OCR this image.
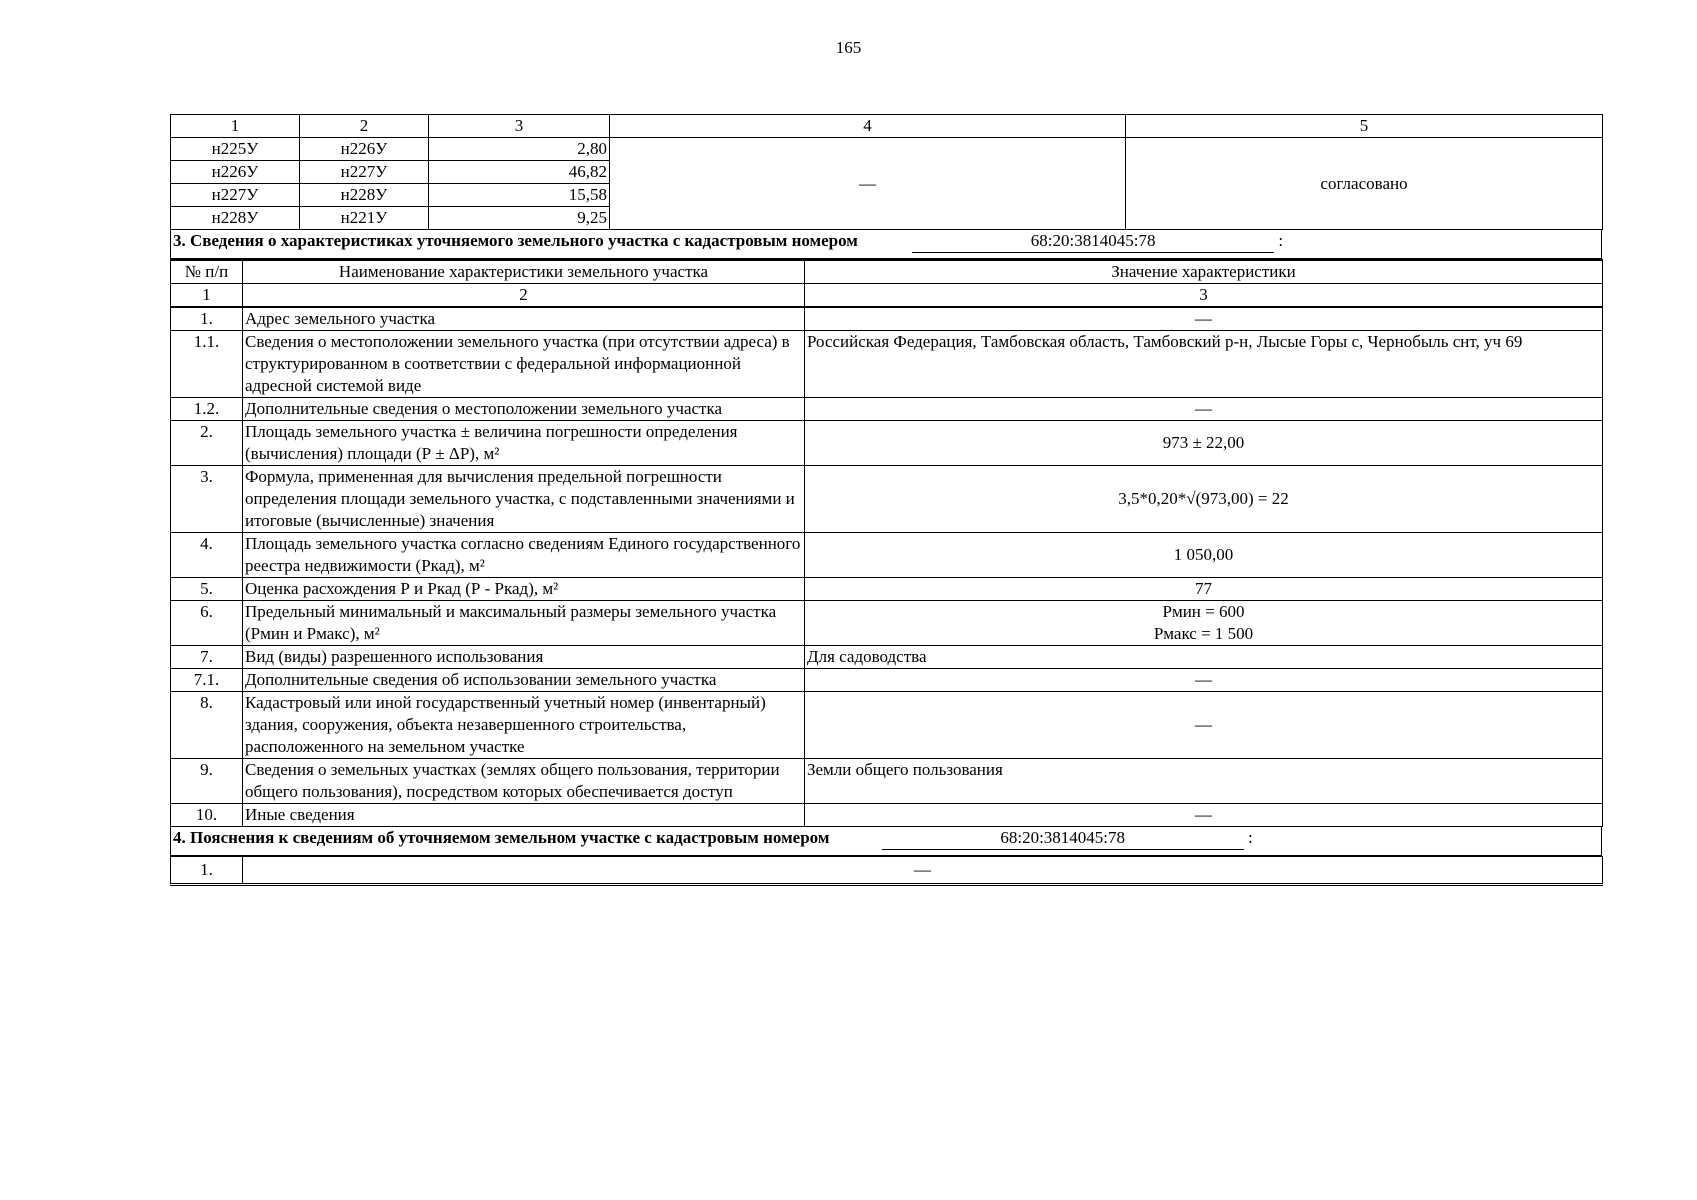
165
1	2	3	4	5
н225У	н226У	2,80	—	согласовано
н226У	н227У	46,82		
н227У	н228У	15,58		
н228У	н221У	9,25		
3. Сведения о характеристиках уточняемого земельного участка с кадастровым номером	68:20:3814045:78	:
№ п/п	Наименование характеристики земельного участка	Значение характеристики
1	2	3
1.	Адрес земельного участка	—
1.1.	Сведения о местоположении земельного участка (при отсутствии адреса) в структурированном в соответствии с федеральной информационной адресной системой виде	Российская Федерация, Тамбовская область, Тамбовский р-н, Лысые Горы с, Чернобыль снт, уч 69
1.2.	Дополнительные сведения о местоположении земельного участка	—
2.	Площадь земельного участка ± величина погрешности определения (вычисления) площади (Р ± ΔР), м²	973 ± 22,00
3.	Формула, примененная для вычисления предельной погрешности определения площади земельного участка, с подставленными значениями и итоговые (вычисленные) значения	3,5*0,20*√(973,00) = 22
4.	Площадь земельного участка согласно сведениям Единого государственного реестра недвижимости (Ркад), м²	1 050,00
5.	Оценка расхождения Р и Ркад (Р - Ркад), м²	77
6.	Предельный минимальный и максимальный размеры земельного участка (Рмин и Рмакс), м²	Рмин = 600
Рмакс = 1 500

7.	Вид (виды) разрешенного использования	Для садоводства
7.1.	Дополнительные сведения об использовании земельного участка	—
8.	Кадастровый или иной государственный учетный номер (инвентарный) здания, сооружения, объекта незавершенного строительства, расположенного на земельном участке	—
9.	Сведения о земельных участках (землях общего пользования, территории общего пользования), посредством которых обеспечивается доступ	Земли общего пользования
10.	Иные сведения	—
4. Пояснения к сведениям об уточняемом земельном участке с кадастровым номером	68:20:3814045:78	:
1.	—
